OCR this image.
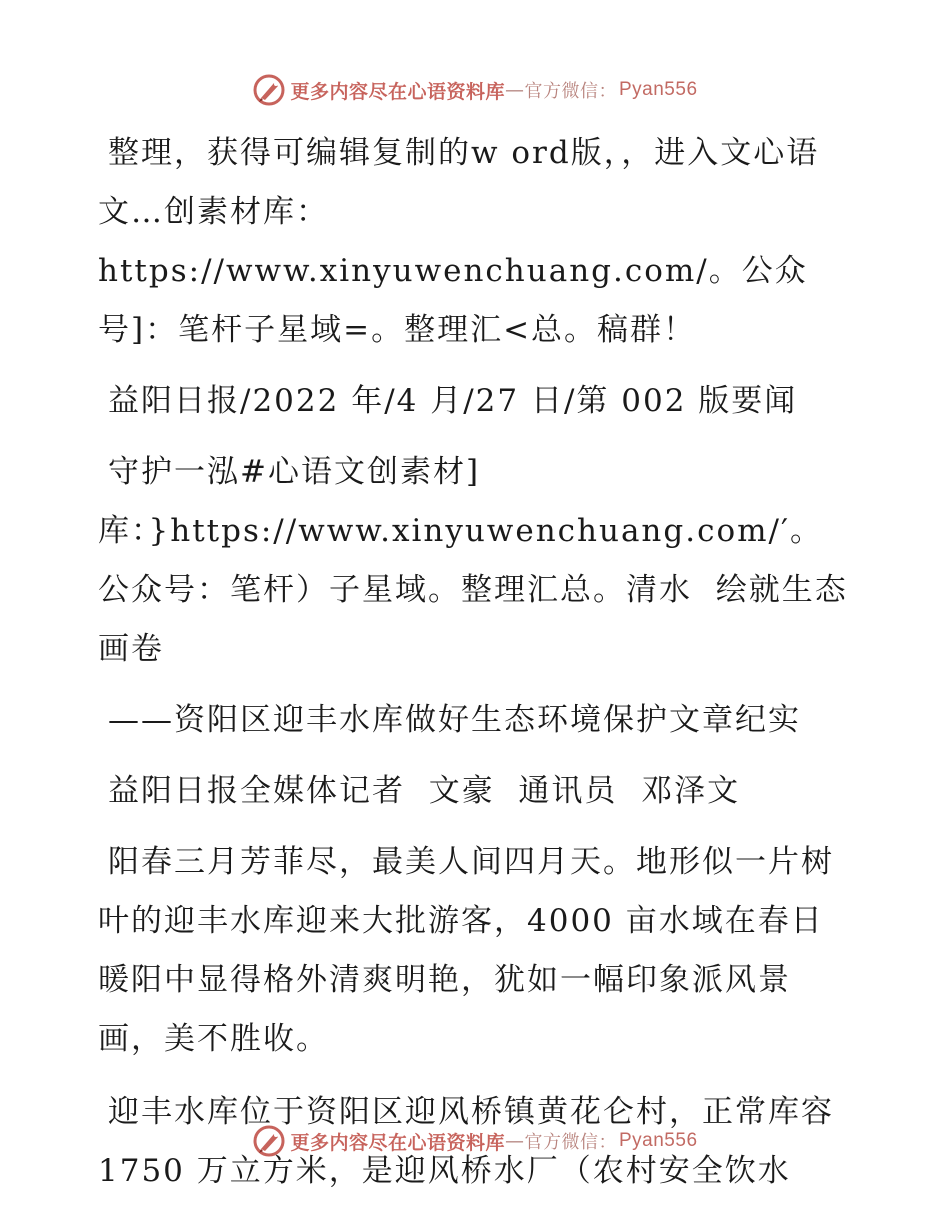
更多内容尽在心语资料库 — 官方微信： Pyan556

整理，获得可编辑复制的w ord版，，进入文心语文…创素材库：https://www.xinyuwenchuang.com/。公众号]：笔杆子星域=。整理汇<总。稿群！

益阳日报/2022 年/4 月/27 日/第 002 版要闻

守护一泓#心语文创素材]库：}https://www.xinyuwenchuang.com/′。公众号：笔杆）子星域。整理汇总。清水  绘就生态画卷

——资阳区迎丰水库做好生态环境保护文章纪实

益阳日报全媒体记者  文豪  通讯员  邓泽文

阳春三月芳菲尽，最美人间四月天。地形似一片树叶的迎丰水库迎来大批游客，4000 亩水域在春日暖阳中显得格外清爽明艳，犹如一幅印象派风景画，美不胜收。

迎丰水库位于资阳区迎风桥镇黄花仑村，正常库容 1750 万立方米，是迎风桥水厂（农村安全饮水

更多内容尽在心语资料库 — 官方微信： Pyan556
